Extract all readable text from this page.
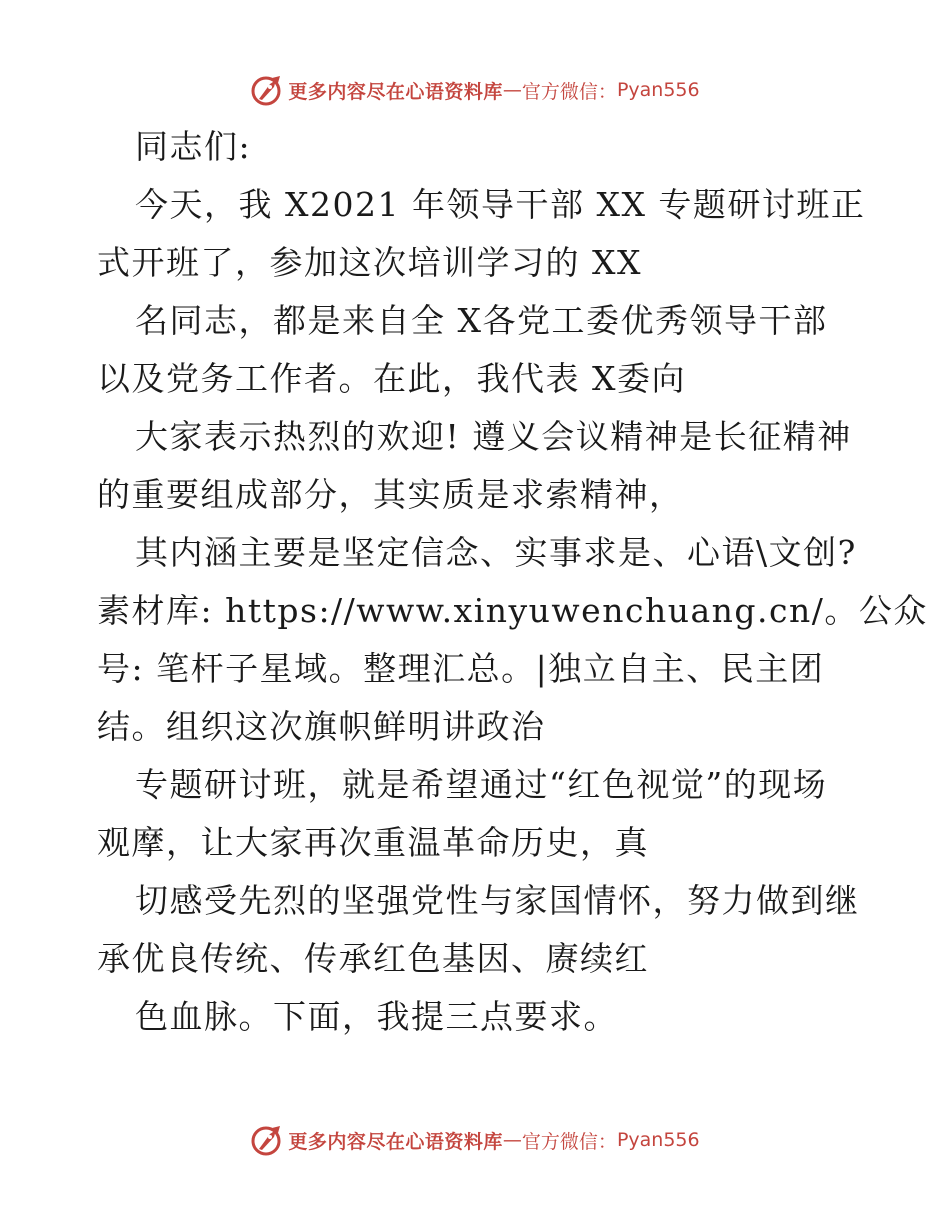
更多内容尽在心语资料库 — 官方微信： Pyan556
同志们:
今天，我 X2021 年领导干部 XX 专题研讨班正
式开班了，参加这次培训学习的 XX
名同志，都是来自全 X各党工委优秀领导干部
以及党务工作者。在此，我代表 X委向
大家表示热烈的欢迎! 遵义会议精神是长征精神
的重要组成部分，其实质是求索精神，
其内涵主要是坚定信念、实事求是、心语\文创?
素材库: https://www.xinyuwenchuang.cn/。公众
号: 笔杆子星域。整理汇总。|独立自主、民主团
结。组织这次旗帜鲜明讲政治
专题研讨班，就是希望通过“红色视觉”的现场
观摩，让大家再次重温革命历史，真
切感受先烈的坚强党性与家国情怀，努力做到继
承优良传统、传承红色基因、赓续红
色血脉。下面，我提三点要求。
更多内容尽在心语资料库 — 官方微信： Pyan556
